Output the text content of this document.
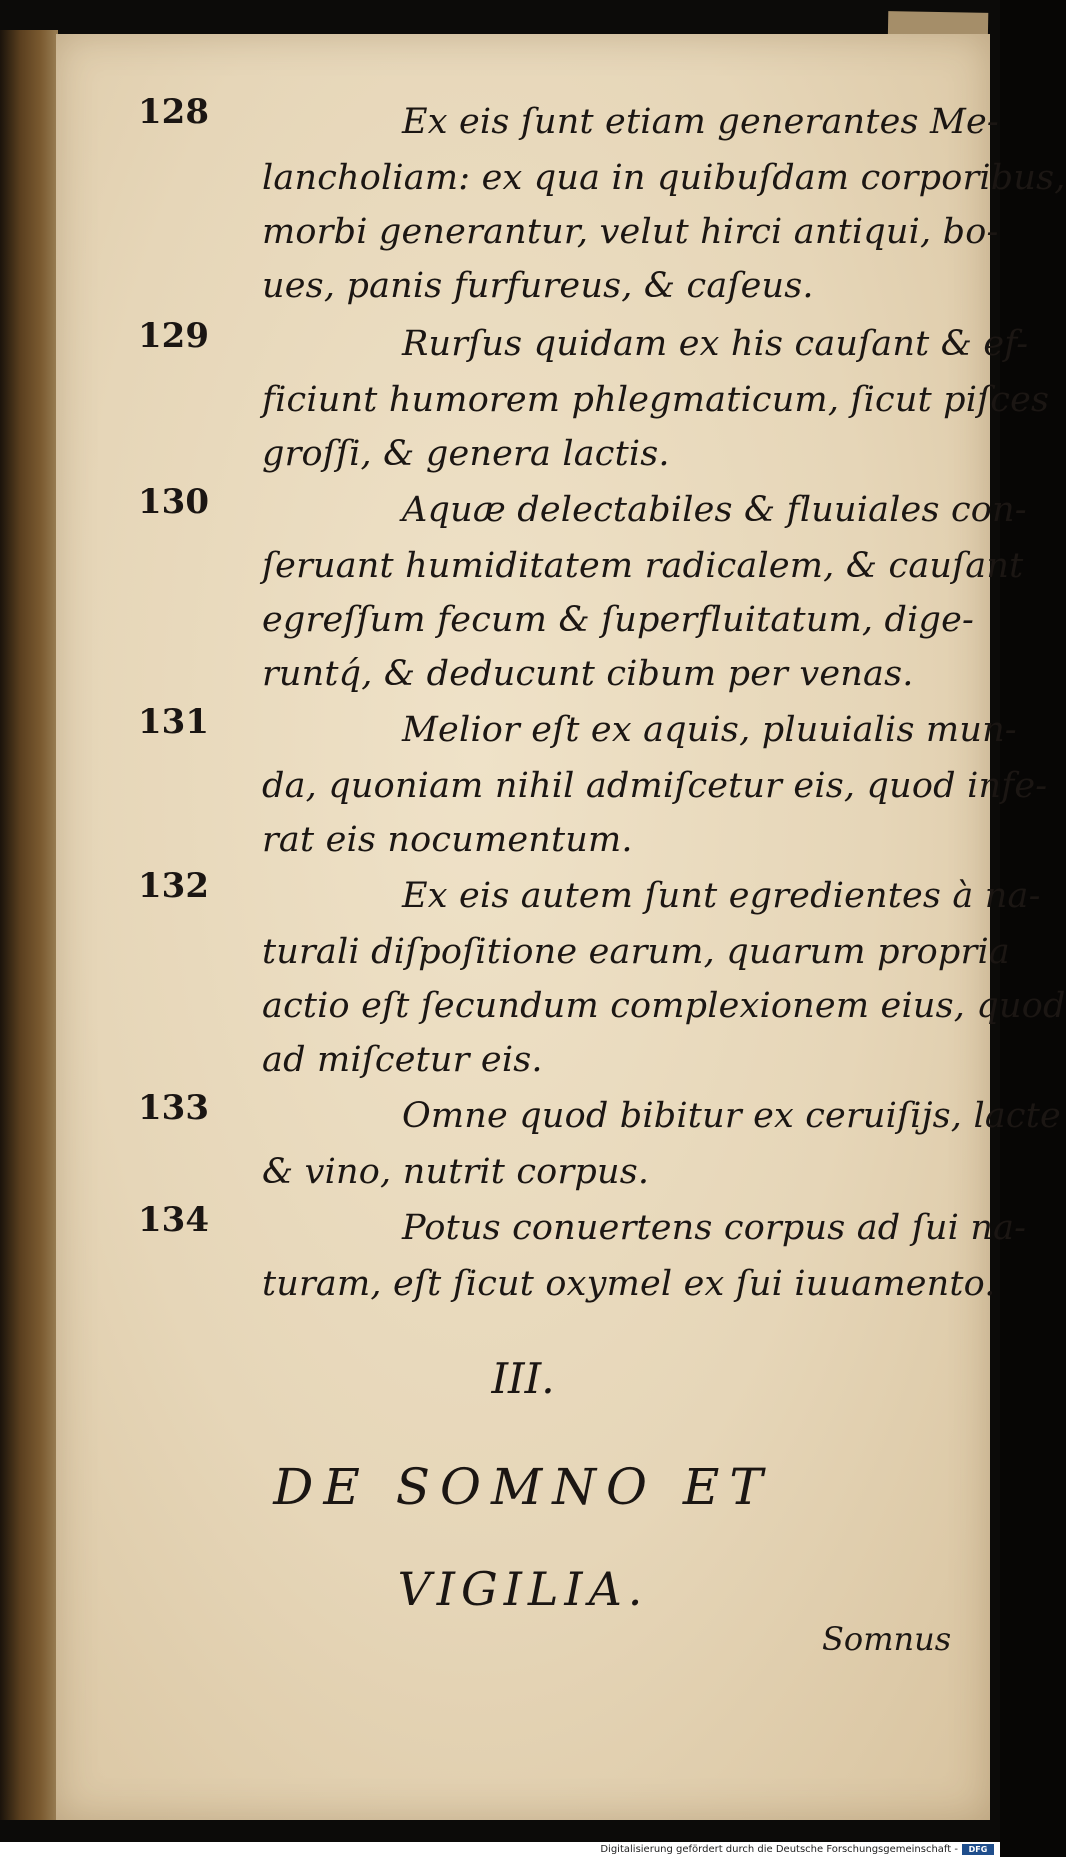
128	Ex eis ſunt etiam generantes Me-
lancholiam: ex qua in quibuſdam corporibus,
morbi generantur, velut hirci antiqui, bo-
ues, panis furfureus, & caſeus.
129	Rurſus quidam ex his cauſant & ef-
ficiunt humorem phlegmaticum, ſicut piſces
groſſi, & genera lactis.
130	Aquæ delectabiles & fluuiales con-
ſeruant humiditatem radicalem, & cauſant
egreſſum fecum & ſuperfluitatum, dige-
runtq́, & deducunt cibum per venas.
131	Melior eſt ex aquis, pluuialis mun-
da, quoniam nihil admiſcetur eis, quod infe-
rat eis nocumentum.
132	Ex eis autem ſunt egredientes à na-
turali diſpoſitione earum, quarum propria
actio eſt ſecundum complexionem eius, quod
ad miſcetur eis.
133	Omne quod bibitur ex ceruiſijs, lacte
& vino, nutrit corpus.
134	Potus conuertens corpus ad ſui na-
turam, eſt ſicut oxymel ex ſui iuuamento.
III.
DE SOMNO ET
VIGILIA.
Somnus
Digitalisierung gefördert durch die Deutsche Forschungsgemeinschaft -	DFG
